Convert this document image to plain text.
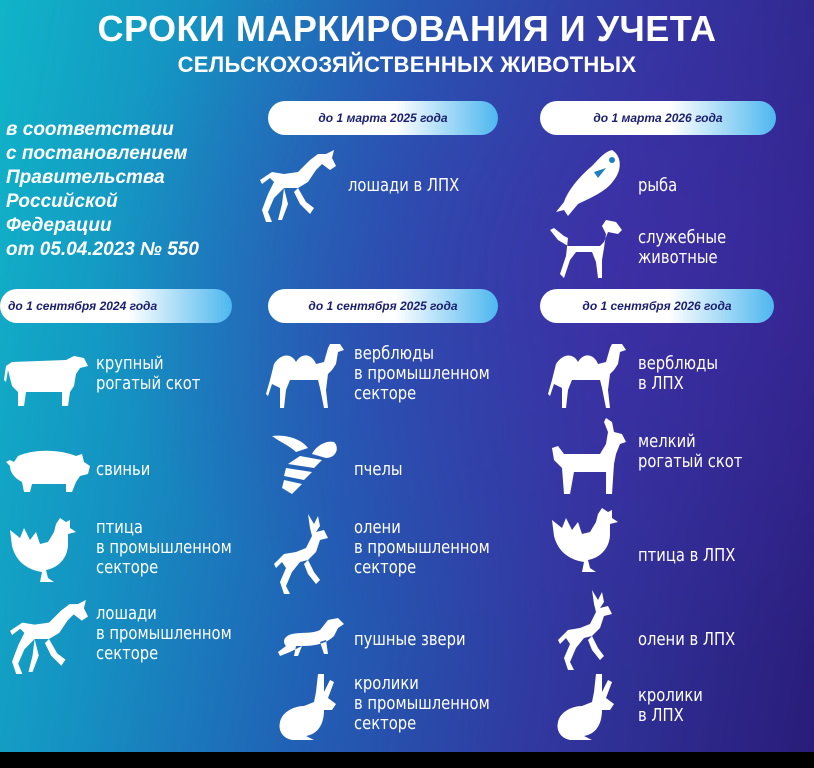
СРОКИ МАРКИРОВАНИЯ И УЧЕТА
СЕЛЬСКОХОЗЯЙСТВЕННЫХ ЖИВОТНЫХ
в соответствии
с постановлением
Правительства
Российской
Федерации
от 05.04.2023 № 550
до 1 марта 2025 года	до 1 марта 2026 года
до 1 сентября 2024 года	до 1 сентября 2025 года	до 1 сентября 2026 года
лошади в ЛПХ	рыба
служебные
животные
крупный
рогатый скот
свиньи
птица
в промышленном
секторе
лошади
в промышленном
секторе
верблюды
в промышленном
секторе
пчелы
олени
в промышленном
секторе
пушные звери
кролики
в промышленном
секторе
верблюды
в ЛПХ
мелкий
рогатый скот
птица в ЛПХ
олени в ЛПХ
кролики
в ЛПХ
